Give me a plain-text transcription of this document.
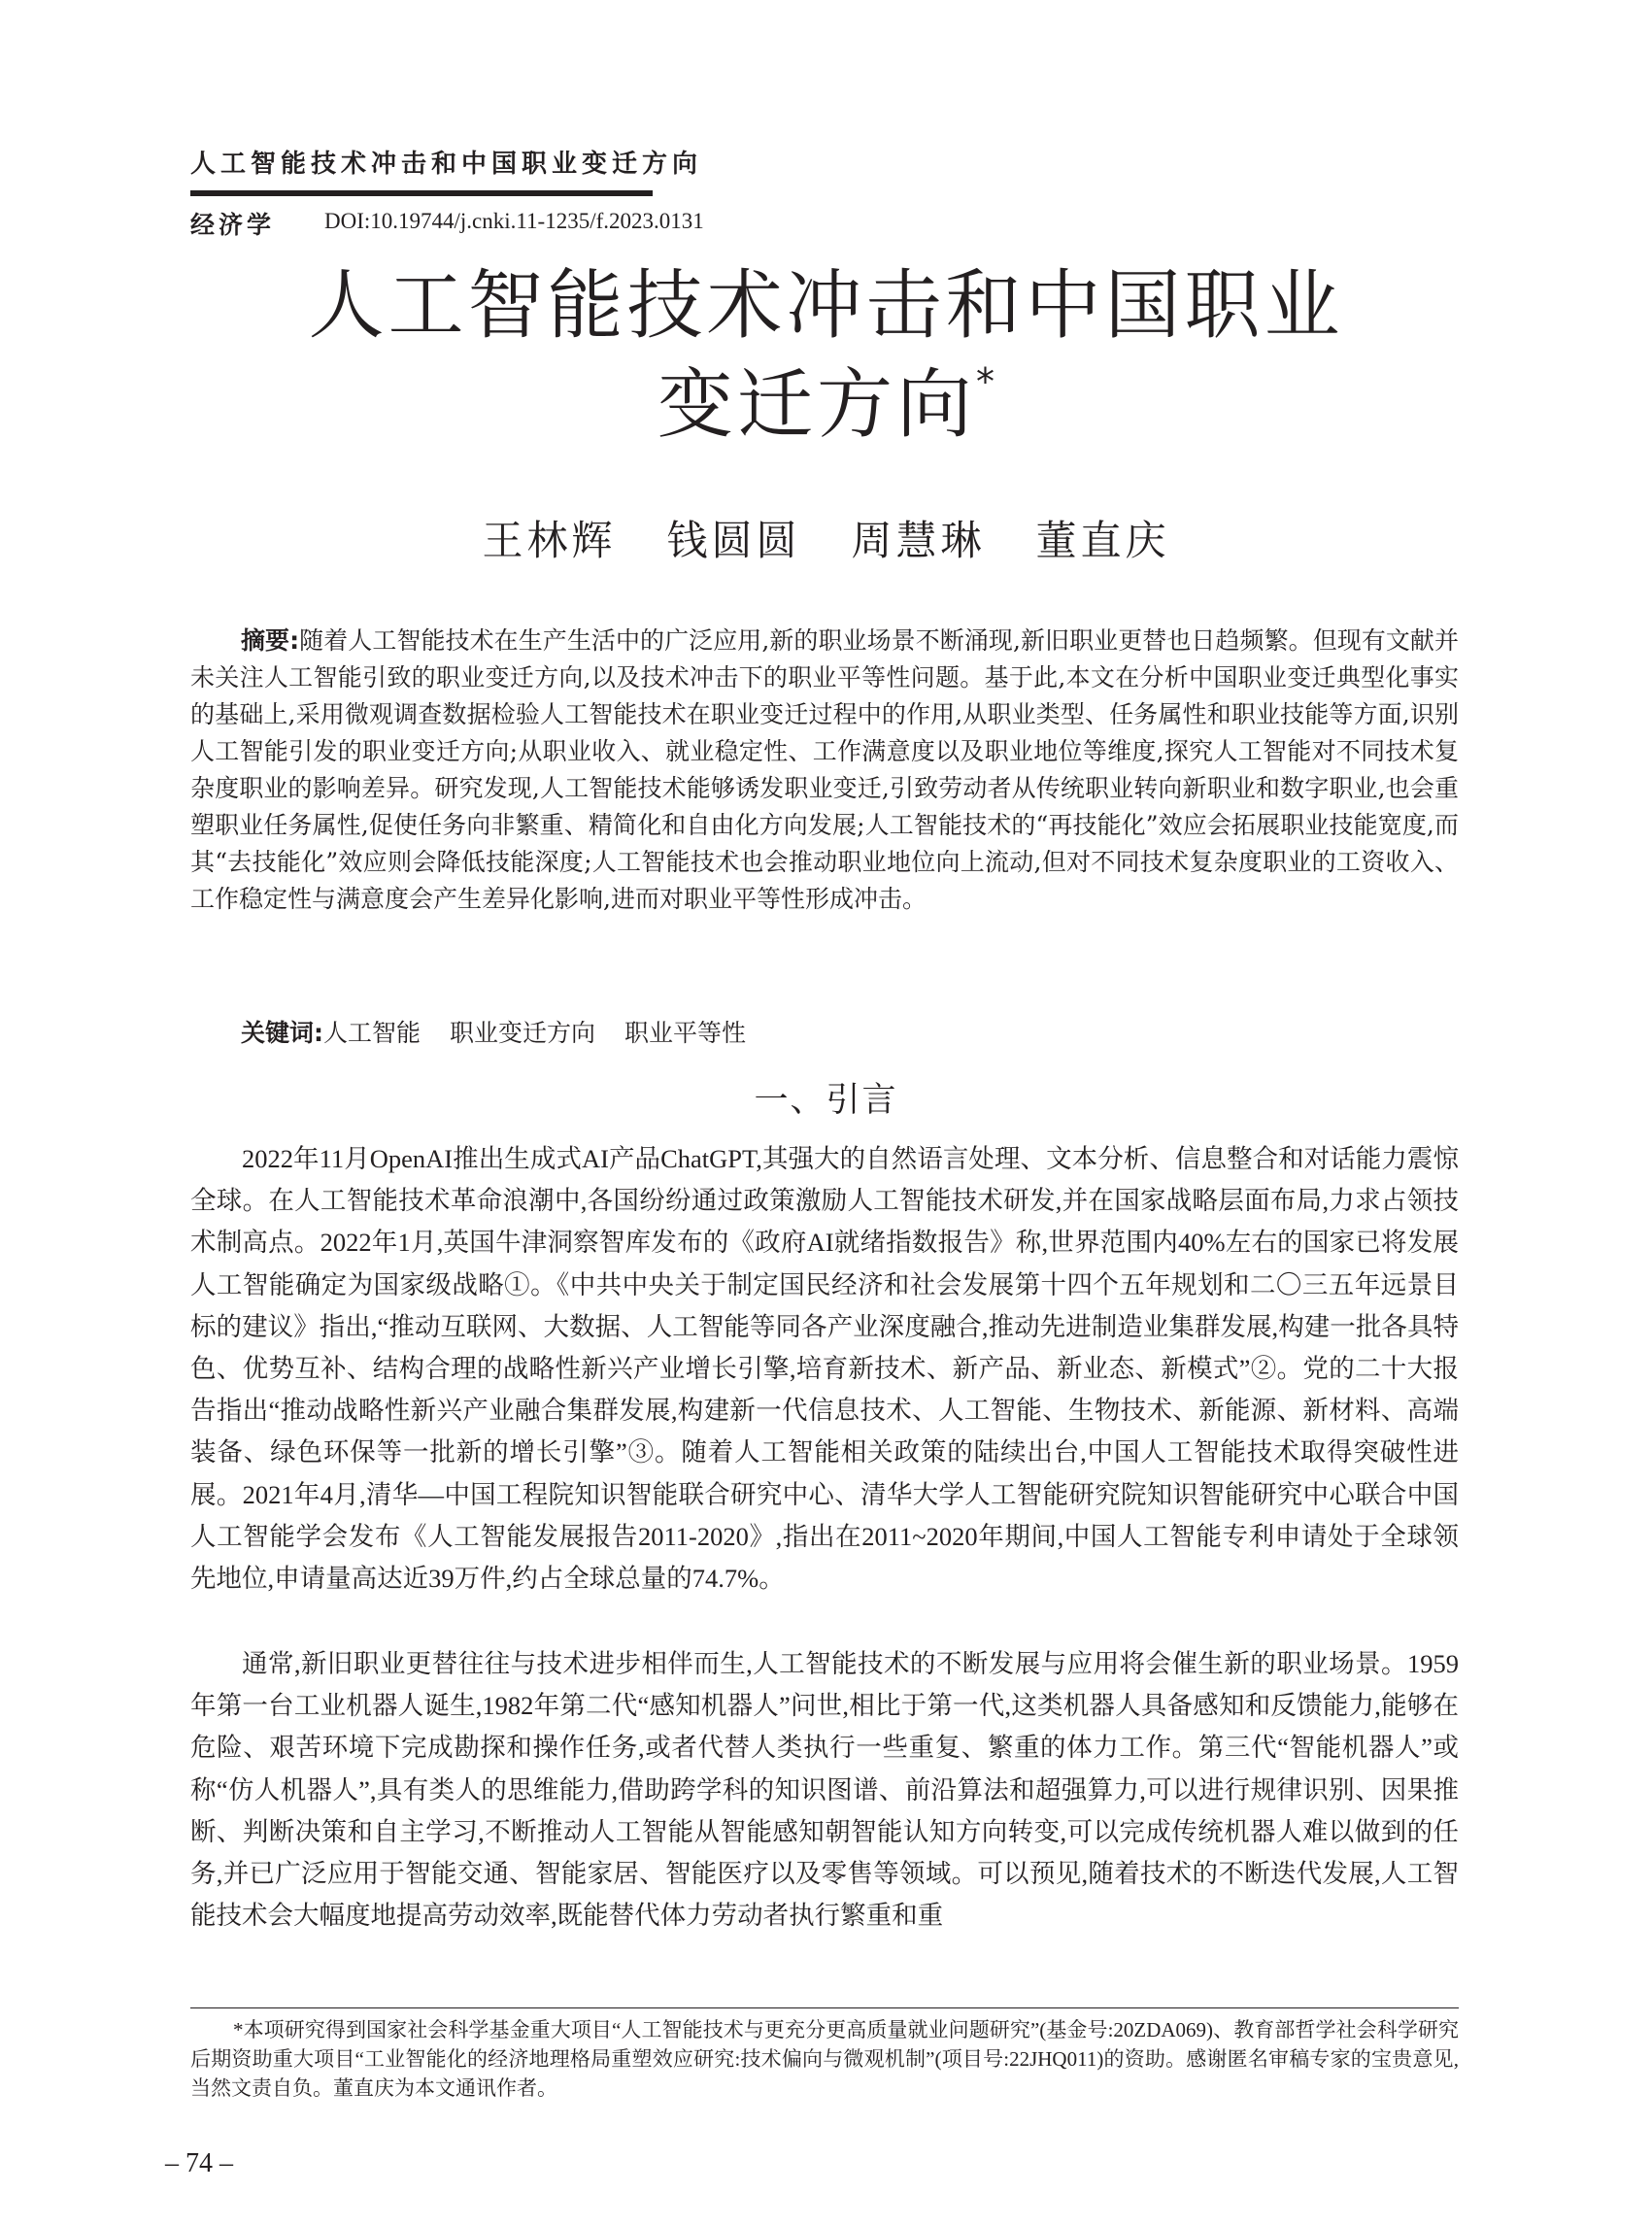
人工智能技术冲击和中国职业变迁方向
经济学 DOI:10.19744/j.cnki.11-1235/f.2023.0131
人工智能技术冲击和中国职业
变迁方向*
王林辉 钱圆圆 周慧琳 董直庆

摘要:随着人工智能技术在生产生活中的广泛应用,新的职业场景不断涌现,新旧职业更替也日趋频繁。但现有文献并未关注人工智能引致的职业变迁方向,以及技术冲击下的职业平等性问题。基于此,本文在分析中国职业变迁典型化事实的基础上,采用微观调查数据检验人工智能技术在职业变迁过程中的作用,从职业类型、任务属性和职业技能等方面,识别人工智能引发的职业变迁方向;从职业收入、就业稳定性、工作满意度以及职业地位等维度,探究人工智能对不同技术复杂度职业的影响差异。研究发现,人工智能技术能够诱发职业变迁,引致劳动者从传统职业转向新职业和数字职业,也会重塑职业任务属性,促使任务向非繁重、精简化和自由化方向发展;人工智能技术的“再技能化”效应会拓展职业技能宽度,而其“去技能化”效应则会降低技能深度;人工智能技术也会推动职业地位向上流动,但对不同技术复杂度职业的工资收入、工作稳定性与满意度会产生差异化影响,进而对职业平等性形成冲击。

关键词:人工智能 职业变迁方向 职业平等性

一、引言

2022年11月OpenAI推出生成式AI产品ChatGPT,其强大的自然语言处理、文本分析、信息整合和对话能力震惊全球。在人工智能技术革命浪潮中,各国纷纷通过政策激励人工智能技术研发,并在国家战略层面布局,力求占领技术制高点。2022年1月,英国牛津洞察智库发布的《政府AI就绪指数报告》称,世界范围内40%左右的国家已将发展人工智能确定为国家级战略①。《中共中央关于制定国民经济和社会发展第十四个五年规划和二〇三五年远景目标的建议》指出,“推动互联网、大数据、人工智能等同各产业深度融合,推动先进制造业集群发展,构建一批各具特色、优势互补、结构合理的战略性新兴产业增长引擎,培育新技术、新产品、新业态、新模式”②。党的二十大报告指出“推动战略性新兴产业融合集群发展,构建新一代信息技术、人工智能、生物技术、新能源、新材料、高端装备、绿色环保等一批新的增长引擎”③。随着人工智能相关政策的陆续出台,中国人工智能技术取得突破性进展。2021年4月,清华—中国工程院知识智能联合研究中心、清华大学人工智能研究院知识智能研究中心联合中国人工智能学会发布《人工智能发展报告2011-2020》,指出在2011~2020年期间,中国人工智能专利申请处于全球领先地位,申请量高达近39万件,约占全球总量的74.7%。

通常,新旧职业更替往往与技术进步相伴而生,人工智能技术的不断发展与应用将会催生新的职业场景。1959年第一台工业机器人诞生,1982年第二代“感知机器人”问世,相比于第一代,这类机器人具备感知和反馈能力,能够在危险、艰苦环境下完成勘探和操作任务,或者代替人类执行一些重复、繁重的体力工作。第三代“智能机器人”或称“仿人机器人”,具有类人的思维能力,借助跨学科的知识图谱、前沿算法和超强算力,可以进行规律识别、因果推断、判断决策和自主学习,不断推动人工智能从智能感知朝智能认知方向转变,可以完成传统机器人难以做到的任务,并已广泛应用于智能交通、智能家居、智能医疗以及零售等领域。可以预见,随着技术的不断迭代发展,人工智能技术会大幅度地提高劳动效率,既能替代体力劳动者执行繁重和重

*本项研究得到国家社会科学基金重大项目“人工智能技术与更充分更高质量就业问题研究”(基金号:20ZDA069)、教育部哲学社会科学研究后期资助重大项目“工业智能化的经济地理格局重塑效应研究:技术偏向与微观机制”(项目号:22JHQ011)的资助。感谢匿名审稿专家的宝贵意见,当然文责自负。董直庆为本文通讯作者。

– 74 –
